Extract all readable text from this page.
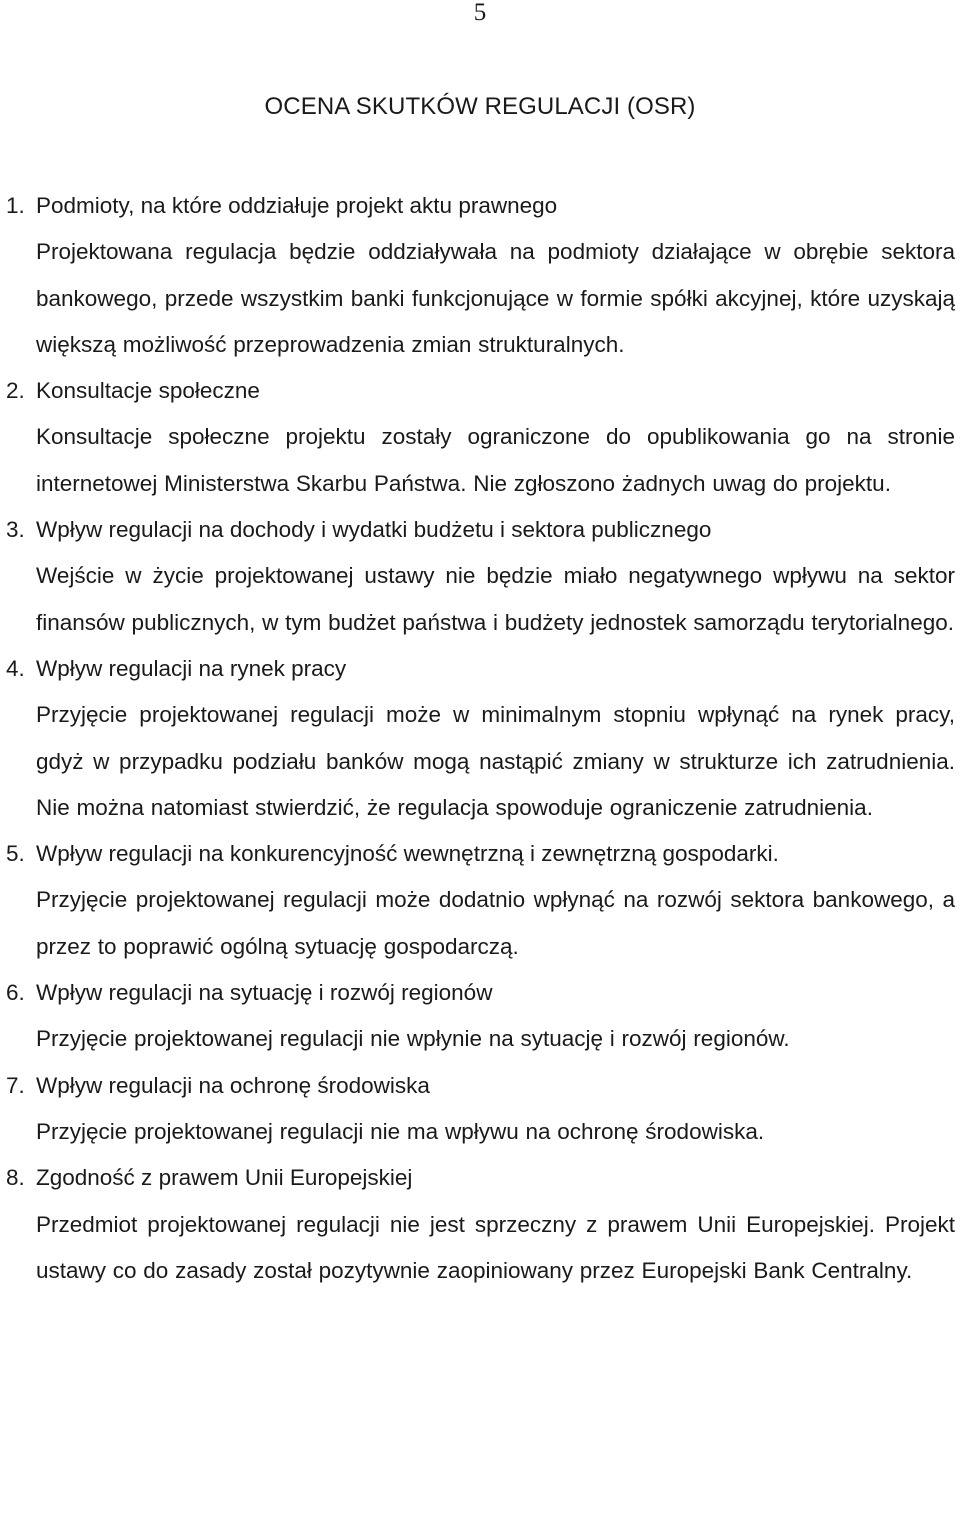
5
OCENA SKUTKÓW REGULACJI (OSR)
1. Podmioty, na które oddziałuje projekt aktu prawnego
Projektowana regulacja będzie oddziaływała na podmioty działające w obrębie sektora bankowego, przede wszystkim banki funkcjonujące w formie spółki akcyjnej, które uzyskają większą możliwość przeprowadzenia zmian strukturalnych.
2. Konsultacje społeczne
Konsultacje społeczne projektu zostały ograniczone do opublikowania go na stronie internetowej Ministerstwa Skarbu Państwa. Nie zgłoszono żadnych uwag do projektu.
3. Wpływ regulacji na dochody i wydatki budżetu i sektora publicznego
Wejście w życie projektowanej ustawy nie będzie miało negatywnego wpływu na sektor finansów publicznych, w tym budżet państwa i budżety jednostek samorządu terytorialnego.
4. Wpływ regulacji na rynek pracy
Przyjęcie projektowanej regulacji może w minimalnym stopniu wpłynąć na rynek pracy, gdyż w przypadku podziału banków mogą nastąpić zmiany w strukturze ich zatrudnienia. Nie można natomiast stwierdzić, że regulacja spowoduje ograniczenie zatrudnienia.
5. Wpływ regulacji na konkurencyjność wewnętrzną i zewnętrzną gospodarki.
Przyjęcie projektowanej regulacji może dodatnio wpłynąć na rozwój sektora bankowego, a przez to poprawić ogólną sytuację gospodarczą.
6. Wpływ regulacji na sytuację i rozwój regionów
Przyjęcie projektowanej regulacji nie wpłynie na sytuację i rozwój regionów.
7. Wpływ regulacji na ochronę środowiska
Przyjęcie projektowanej regulacji nie ma wpływu na ochronę środowiska.
8. Zgodność z prawem Unii Europejskiej
Przedmiot projektowanej regulacji nie jest sprzeczny z prawem Unii Europejskiej. Projekt ustawy co do zasady został pozytywnie zaopiniowany przez Europejski Bank Centralny.
